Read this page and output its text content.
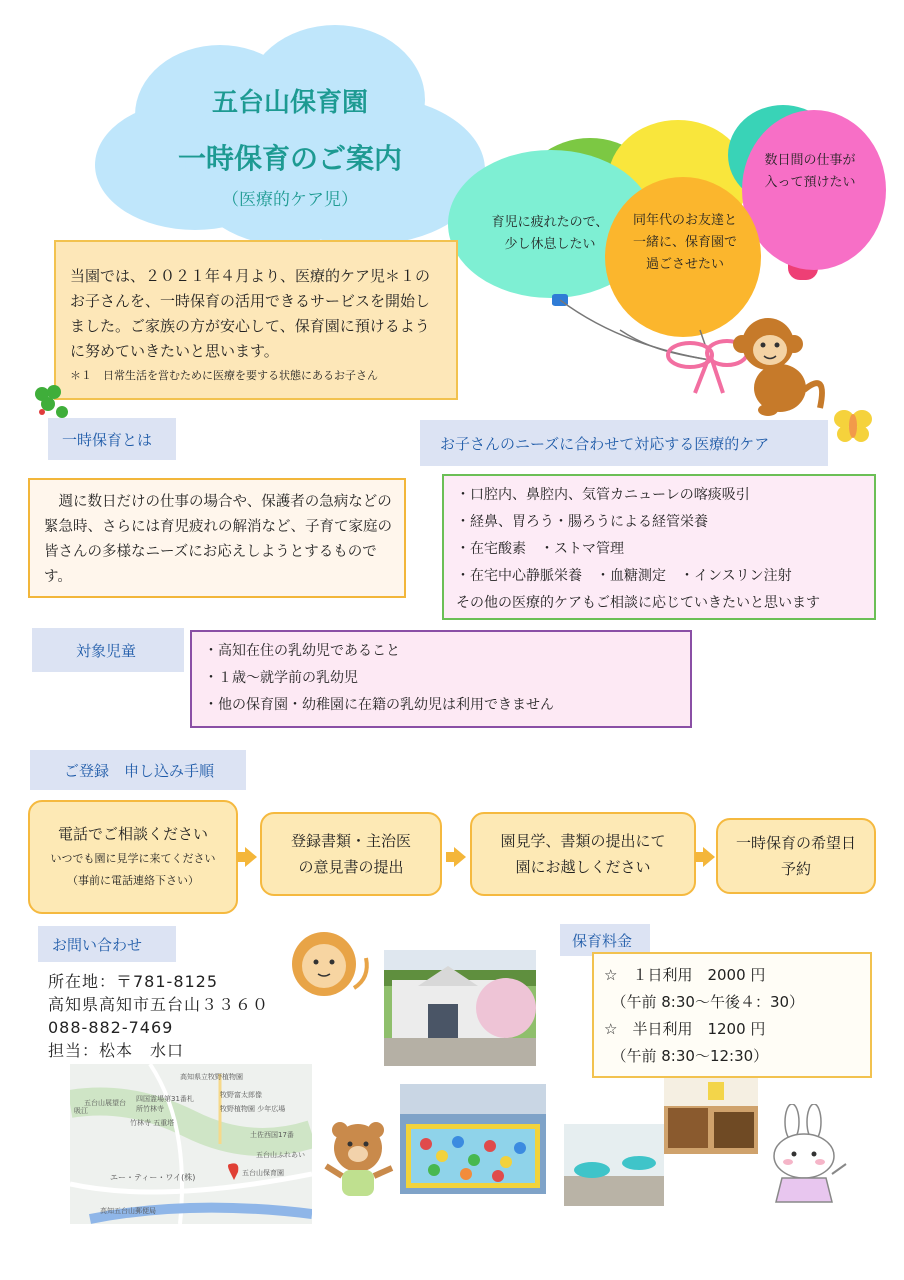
五台山保育園
一時保育のご案内
（医療的ケア児）
育児に疲れたので、
少し休息したい
同年代のお友達と
一緒に、保育園で
過ごさせたい
数日間の仕事が
入って預けたい
当園では、２０２１年４月より、医療的ケア児＊１のお子さんを、一時保育の活用できるサービスを開始しました。ご家族の方が安心して、保育園に預けるように努めていきたいと思います。
＊１　日常生活を営むために医療を要する状態にあるお子さん
一時保育とは
　週に数日だけの仕事の場合や、保護者の急病などの緊急時、さらには育児疲れの解消など、子育て家庭の皆さんの多様なニーズにお応えしようとするものです。
お子さんのニーズに合わせて対応する医療的ケア
・口腔内、鼻腔内、気管カニューレの喀痰吸引
・経鼻、胃ろう・腸ろうによる経管栄養
・在宅酸素　・ストマ管理
・在宅中心静脈栄養　・血糖測定　・インスリン注射
その他の医療的ケアもご相談に応じていきたいと思います
対象児童	・高知在住の乳幼児であること
・１歳～就学前の乳幼児
・他の保育園・幼稚園に在籍の乳幼児は利用できません
ご登録　申し込み手順
電話でご相談ください
いつでも園に見学に来てください（事前に電話連絡下さい）
登録書類・主治医の意見書の提出
園見学、書類の提出にて園にお越しください
一時保育の希望日予約
お問い合わせ
所在地：〒781-8125
高知県高知市五台山３３６０
088-882-7469
担当：松本　水口
高知県立牧野植物園
四国霊場第31番札所竹林寺
牧野富太郎像
牧野植物園 少年広場
五台山展望台
竹林寺 五重塔
土佐西国17番
五台山ふれあい
エー・ティー・ワイ(株)	五台山保育園
高知五台山郵便局
吸江
保育料金
☆　１日利用　2000 円
　（午前 8:30～午後４：30）
☆　半日利用　1200 円
　（午前 8:30～12:30）
